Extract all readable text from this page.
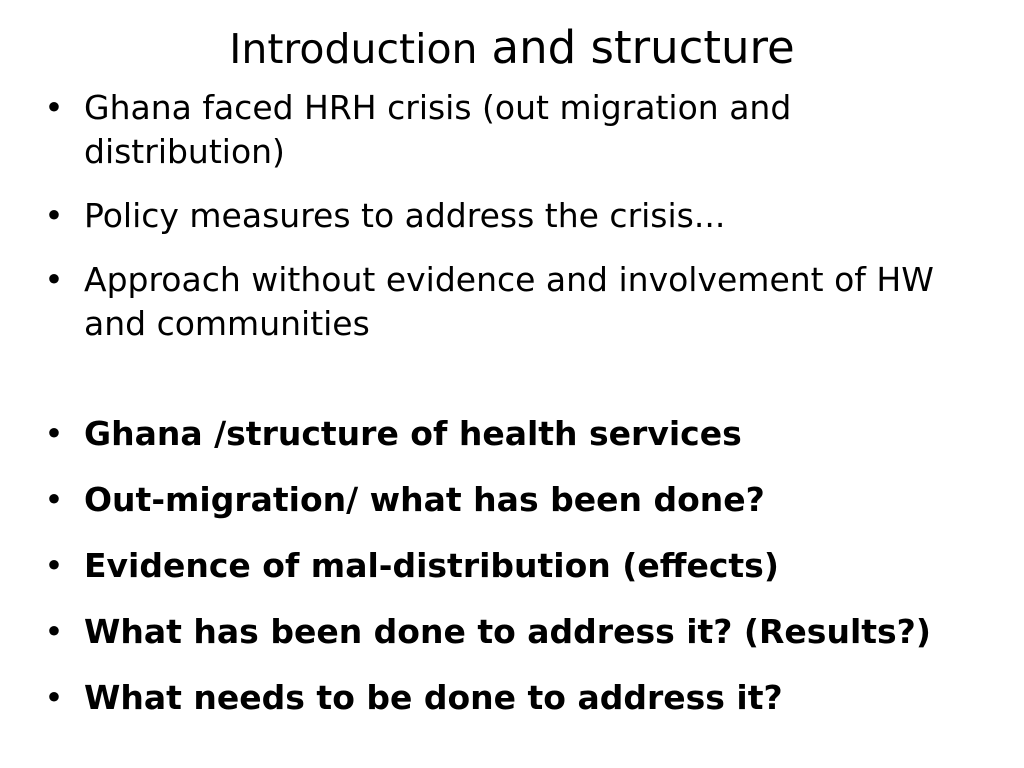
Introduction and structure
• Ghana faced HRH crisis (out migration and distribution)
• Policy measures to address the crisis...
• Approach without evidence and involvement of HW and communities
• Ghana /structure of health services
• Out-migration/ what has been done?
• Evidence of mal-distribution (effects)
• What has been done to address it? (Results?)
• What needs to be done to address it?
